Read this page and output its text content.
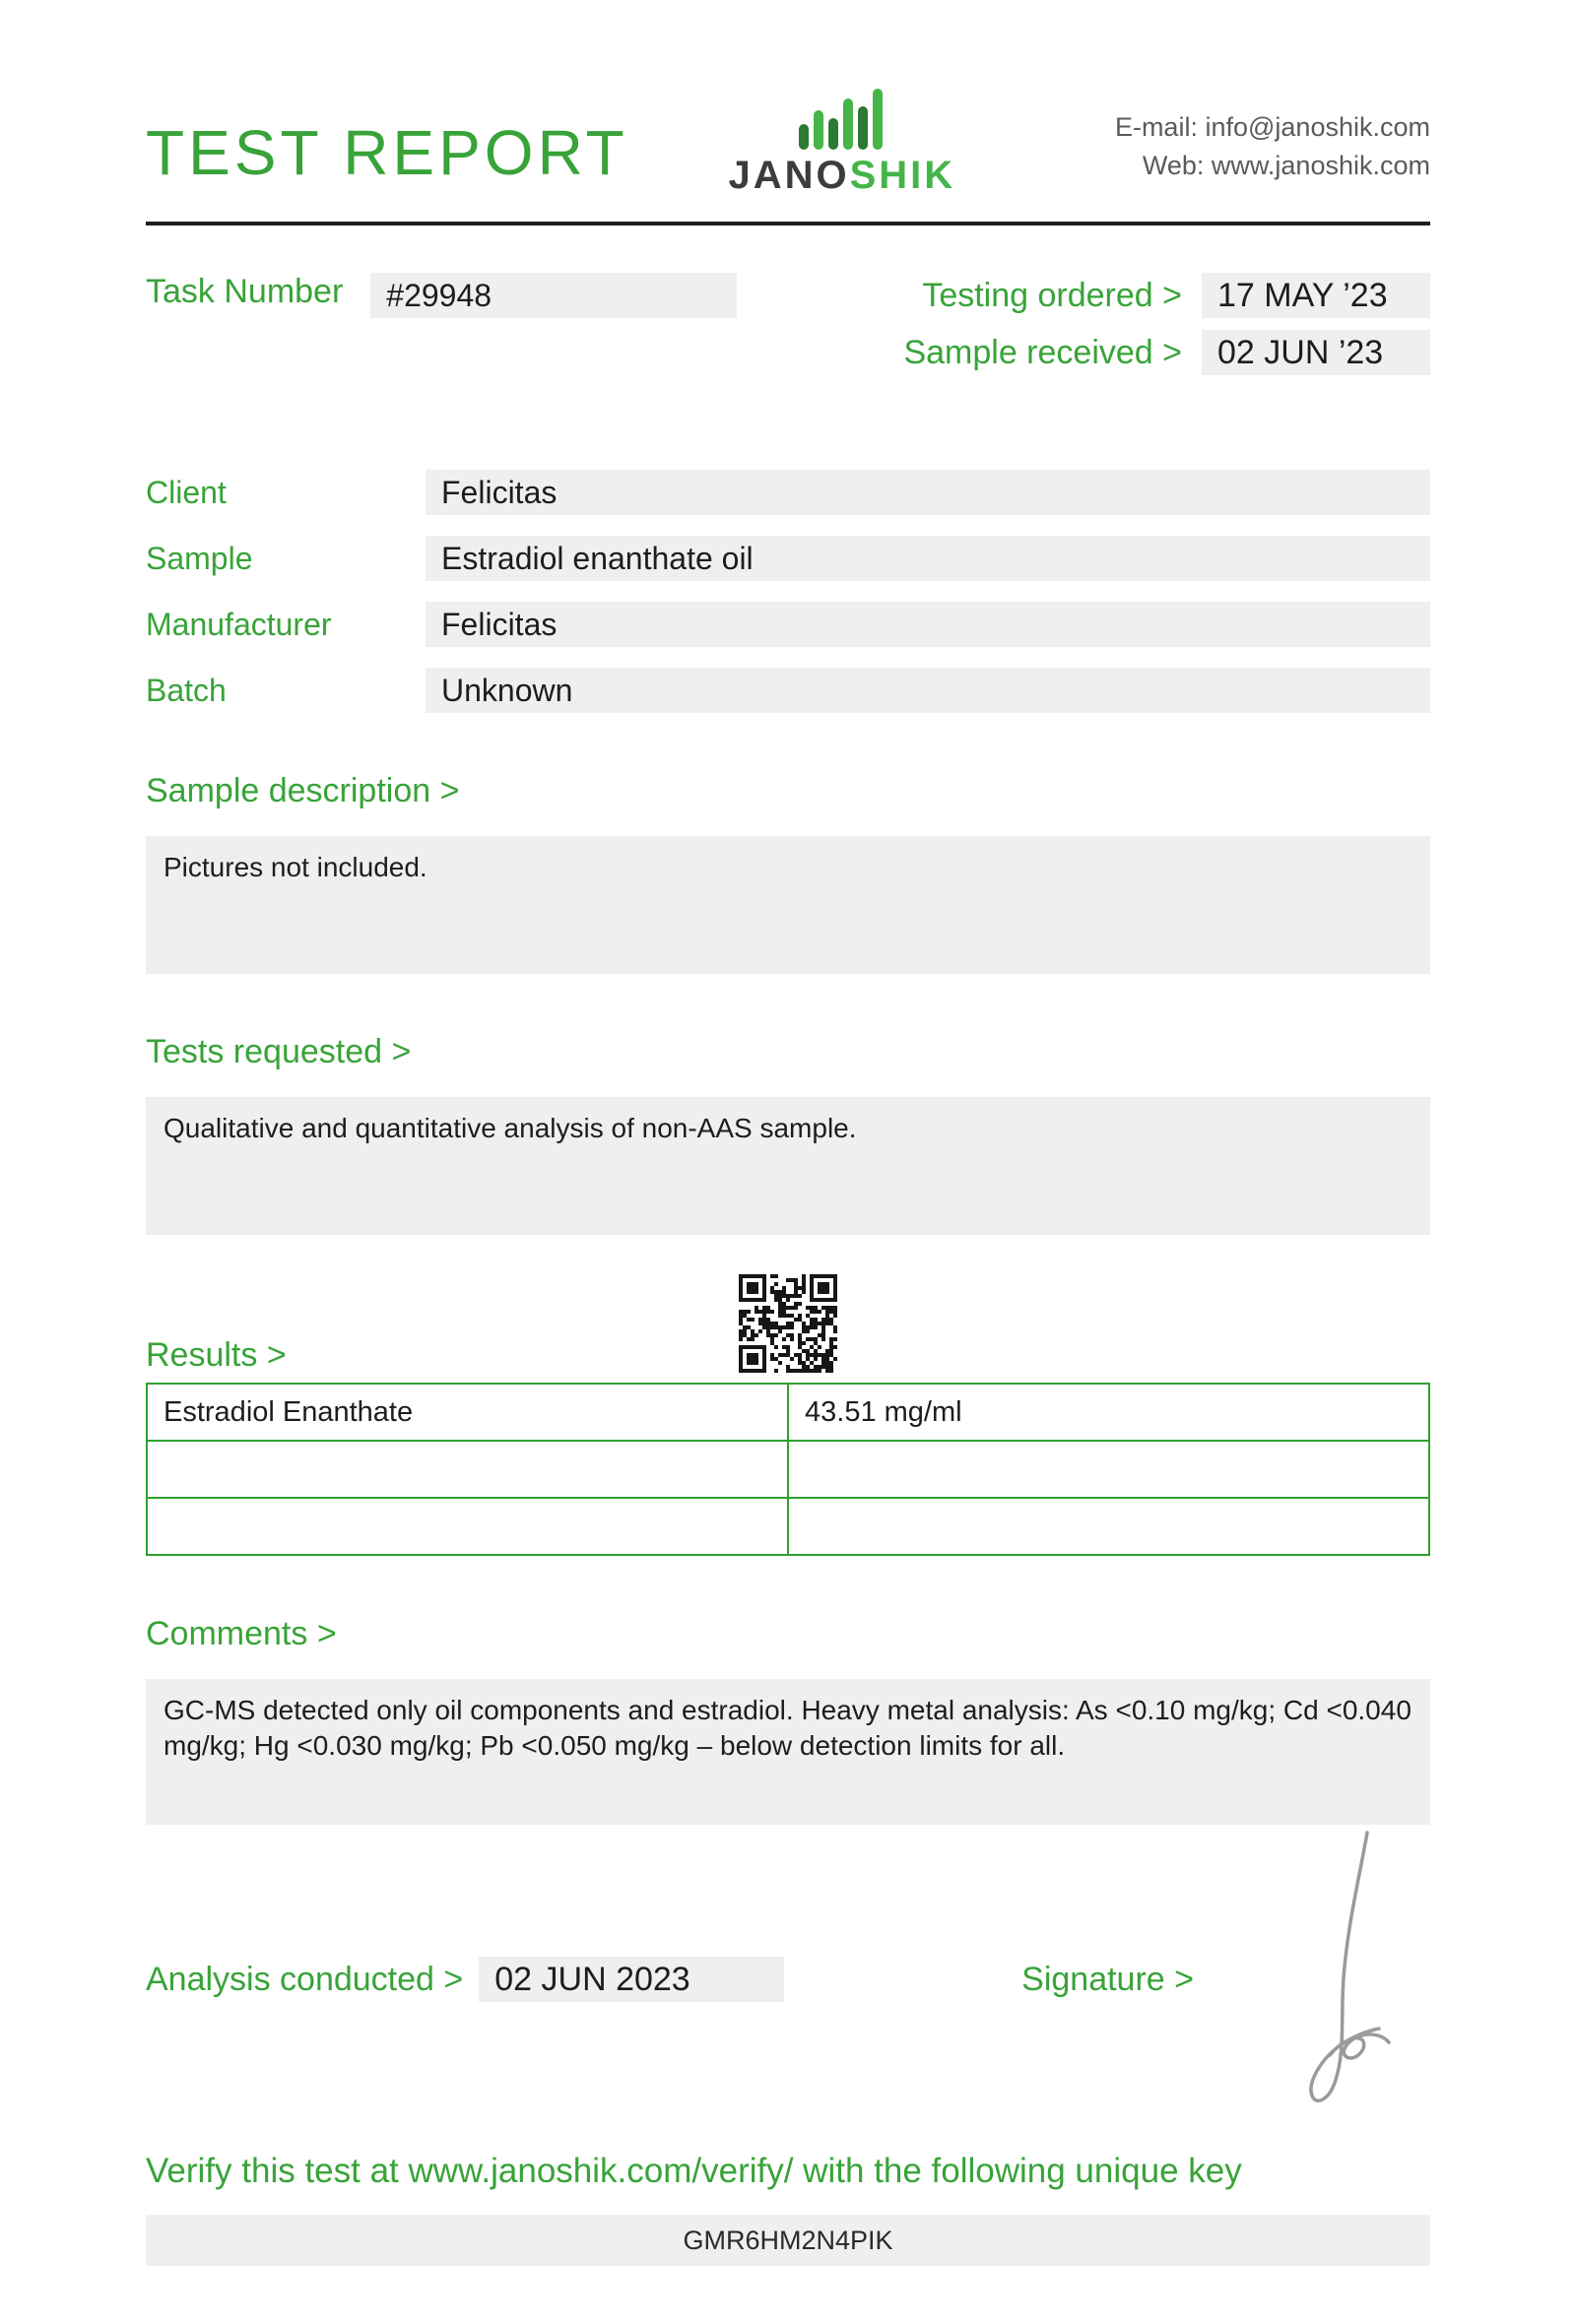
TEST REPORT	JANOSHIK
E-mail: info@janoshik.com
Web: www.janoshik.com
Task Number	#29948	Testing ordered >	17 MAY ’23
Sample received >	02 JUN ’23
Client	Felicitas
Sample	Estradiol enanthate oil
Manufacturer	Felicitas
Batch	Unknown
Sample description >
Pictures not included.
Tests requested >
Qualitative and quantitative analysis of non-AAS sample.
Results >
Estradiol Enanthate	43.51 mg/ml

Comments >
GC-MS detected only oil components and estradiol. Heavy metal analysis: As <0.10 mg/kg; Cd <0.040 mg/kg; Hg <0.030 mg/kg; Pb <0.050 mg/kg – below detection limits for all.
Analysis conducted > 02 JUN 2023	Signature >
Verify this test at www.janoshik.com/verify/ with the following unique key
GMR6HM2N4PIK
